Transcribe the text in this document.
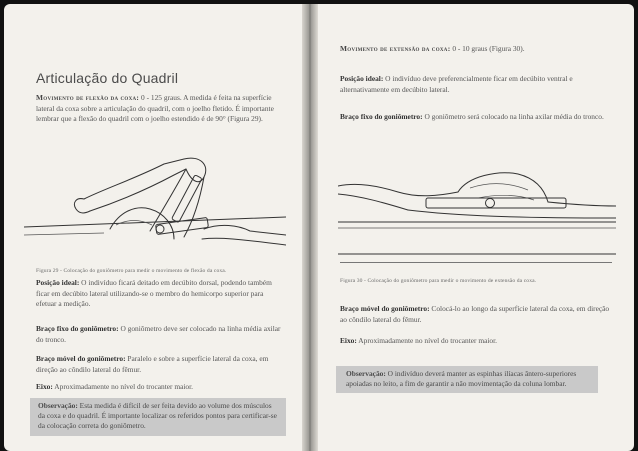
Articulação do Quadril

Movimento de flexão da coxa: 0 - 125 graus. A medida é feita na superfície lateral da coxa sobre a articulação do quadril, com o joelho fletido. É importante lembrar que a flexão do quadril com o joelho estendido é de 90° (Figura 29).

Figura 29 - Colocação do goniômetro para medir o movimento de flexão da coxa.

Posição ideal: O indivíduo ficará deitado em decúbito dorsal, podendo também ficar em decúbito lateral utilizando-se o membro do hemicorpo superior para efetuar a medição.

Braço fixo do goniômetro: O goniômetro deve ser colocado na linha média axilar do tronco.

Braço móvel do goniômetro: Paralelo e sobre a superfície lateral da coxa, em direção ao côndilo lateral do fêmur.

Eixo: Aproximadamente no nível do trocanter maior.

Observação: Esta medida é difícil de ser feita devido ao volume dos músculos da coxa e do quadril. É importante localizar os referidos pontos para certificar-se da colocação correta do goniômetro.

Movimento de extensão da coxa: 0 - 10 graus (Figura 30).

Posição ideal: O indivíduo deve preferencialmente ficar em decúbito ventral e alternativamente em decúbito lateral.

Braço fixo do goniômetro: O goniômetro será colocado na linha axilar média do tronco.

Figura 30 - Colocação do goniômetro para medir o movimento de extensão da coxa.

Braço móvel do goniômetro: Colocá-lo ao longo da superfície lateral da coxa, em direção ao côndilo lateral do fêmur.

Eixo: Aproximadamente no nível do trocanter maior.

Observação: O indivíduo deverá manter as espinhas ilíacas ântero-superiores apoiadas no leito, a fim de garantir a não movimentação da coluna lombar.
